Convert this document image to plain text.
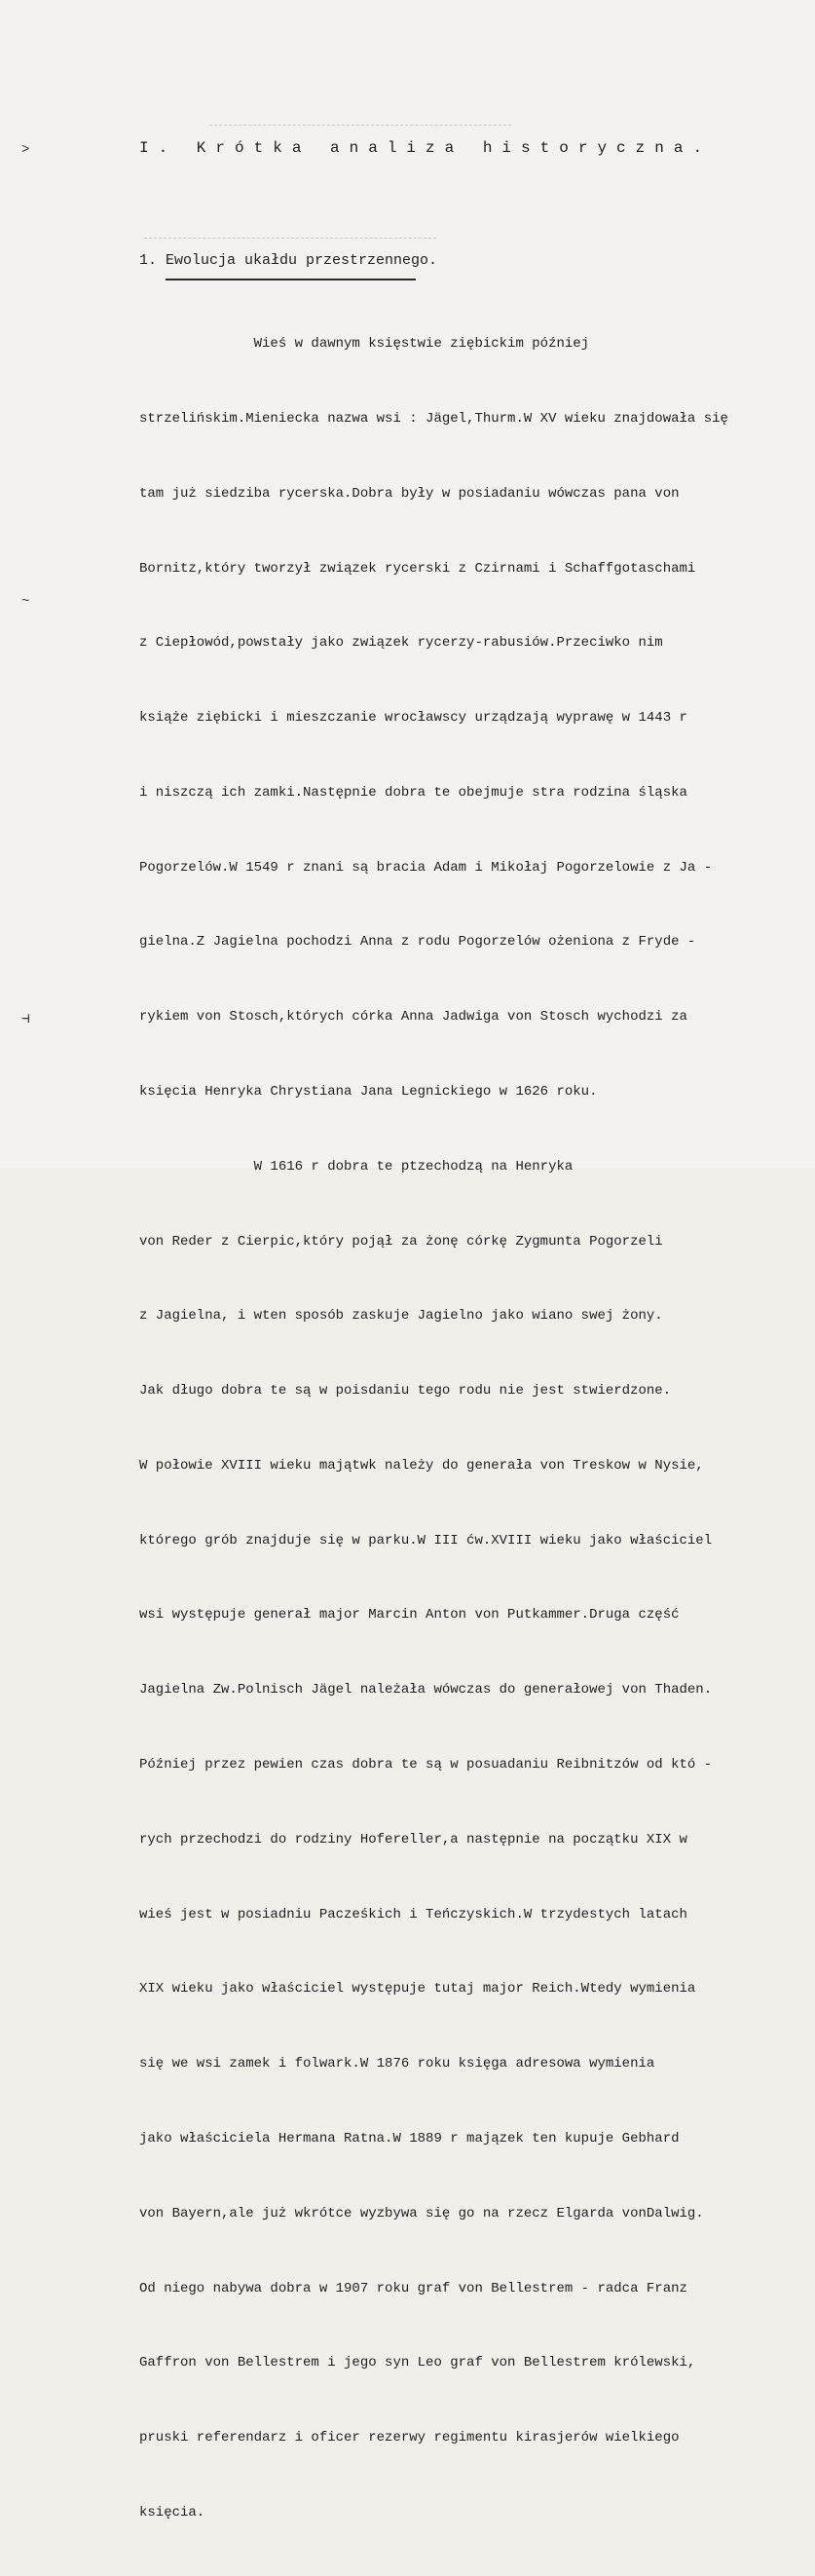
>
~
⊣
I. Krótka analiza historyczna.
1. Ewolucja ukałdu przestrzennego.

Wieś w dawnym księstwie ziębickim później

strzelińskim.Mieniecka nazwa wsi : Jägel,Thurm.W XV wieku znajdowała się

tam już siedziba rycerska.Dobra były w posiadaniu wówczas pana von

Bornitz,który tworzył związek rycerski z Czirnami i Schaffgotaschami

z Ciepłowód,powstały jako związek rycerzy-rabusiów.Przeciwko nim

książe ziębicki i mieszczanie wrocławscy urządzają wyprawę w 1443 r

i niszczą ich zamki.Następnie dobra te obejmuje stra rodzina śląska

Pogorzelów.W 1549 r znani są bracia Adam i Mikołaj Pogorzelowie z Ja -

gielna.Z Jagielna pochodzi Anna z rodu Pogorzelów ożeniona z Fryde -

rykiem von Stosch,których córka Anna Jadwiga von Stosch wychodzi za

księcia Henryka Chrystiana Jana Legnickiego w 1626 roku.

W 1616 r dobra te ptzechodzą na Henryka

von Reder z Cierpic,który pojął za żonę córkę Zygmunta Pogorzeli

z Jagielna, i wten sposób zaskuje Jagielno jako wiano swej żony.

Jak długo dobra te są w poisdaniu tego rodu nie jest stwierdzone.

W połowie XVIII wieku majątwk należy do generała von Treskow w Nysie,

którego grób znajduje się w parku.W III ćw.XVIII wieku jako właściciel

wsi występuje generał major Marcin Anton von Putkammer.Druga część

Jagielna Zw.Polnisch Jägel należała wówczas do generałowej von Thaden.

Później przez pewien czas dobra te są w posuadaniu Reibnitzów od któ -

rych przechodzi do rodziny Hofereller,a następnie na początku XIX w

wieś jest w posiadniu Pacześkich i Teńczyskich.W trzydestych latach

XIX wieku jako właściciel występuje tutaj major Reich.Wtedy wymienia

się we wsi zamek i folwark.W 1876 roku księga adresowa wymienia

jako właściciela Hermana Ratna.W 1889 r majązek ten kupuje Gebhard

von Bayern,ale już wkrótce wyzbywa się go na rzecz Elgarda vonDalwig.

Od niego nabywa dobra w 1907 roku graf von Bellestrem - radca Franz

Gaffron von Bellestrem i jego syn Leo graf von Bellestrem królewski,

pruski referendarz i oficer rezerwy regimentu kirasjerów wielkiego

księcia.
